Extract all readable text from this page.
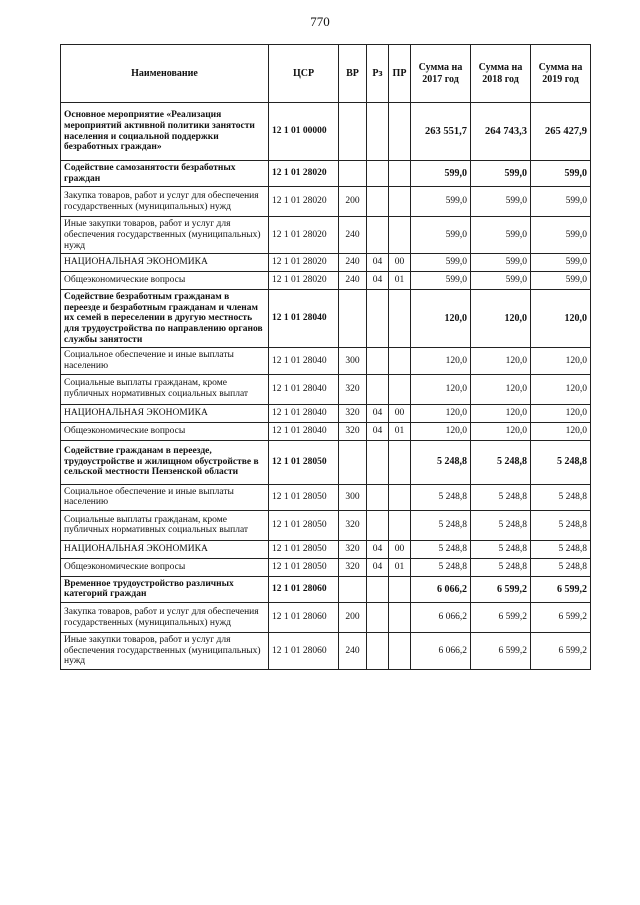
770
Наименование	ЦСР	ВР	Рз	ПР	Сумма на 2017 год	Сумма на 2018 год	Сумма на 2019 год
Основное мероприятие «Реализация мероприятий активной политики занятости населения и социальной поддержки безработных граждан»	12 1 01 00000				263 551,7	264 743,3	265 427,9
Содействие самозанятости безработных граждан	12 1 01 28020				599,0	599,0	599,0
Закупка товаров, работ и услуг для обеспечения государственных (муниципальных) нужд	12 1 01 28020	200			599,0	599,0	599,0
Иные закупки товаров, работ и услуг для обеспечения государственных (муниципальных) нужд	12 1 01 28020	240			599,0	599,0	599,0
НАЦИОНАЛЬНАЯ ЭКОНОМИКА	12 1 01 28020	240	04	00	599,0	599,0	599,0
Общеэкономические вопросы	12 1 01 28020	240	04	01	599,0	599,0	599,0
Содействие безработным гражданам в переезде и безработным гражданам и членам их семей в переселении в другую местность для трудоустройства по направлению органов службы занятости	12 1 01 28040				120,0	120,0	120,0
Социальное обеспечение и иные выплаты населению	12 1 01 28040	300			120,0	120,0	120,0
Социальные выплаты гражданам, кроме публичных нормативных социальных выплат	12 1 01 28040	320			120,0	120,0	120,0
НАЦИОНАЛЬНАЯ ЭКОНОМИКА	12 1 01 28040	320	04	00	120,0	120,0	120,0
Общеэкономические вопросы	12 1 01 28040	320	04	01	120,0	120,0	120,0
Содействие гражданам в переезде, трудоустройстве и жилищном обустройстве в сельской местности Пензенской области	12 1 01 28050				5 248,8	5 248,8	5 248,8
Социальное обеспечение и иные выплаты населению	12 1 01 28050	300			5 248,8	5 248,8	5 248,8
Социальные выплаты гражданам, кроме публичных нормативных социальных выплат	12 1 01 28050	320			5 248,8	5 248,8	5 248,8
НАЦИОНАЛЬНАЯ ЭКОНОМИКА	12 1 01 28050	320	04	00	5 248,8	5 248,8	5 248,8
Общеэкономические вопросы	12 1 01 28050	320	04	01	5 248,8	5 248,8	5 248,8
Временное трудоустройство различных категорий граждан	12 1 01 28060				6 066,2	6 599,2	6 599,2
Закупка товаров, работ и услуг для обеспечения государственных (муниципальных) нужд	12 1 01 28060	200			6 066,2	6 599,2	6 599,2
Иные закупки товаров, работ и услуг для обеспечения государственных (муниципальных) нужд	12 1 01 28060	240			6 066,2	6 599,2	6 599,2
